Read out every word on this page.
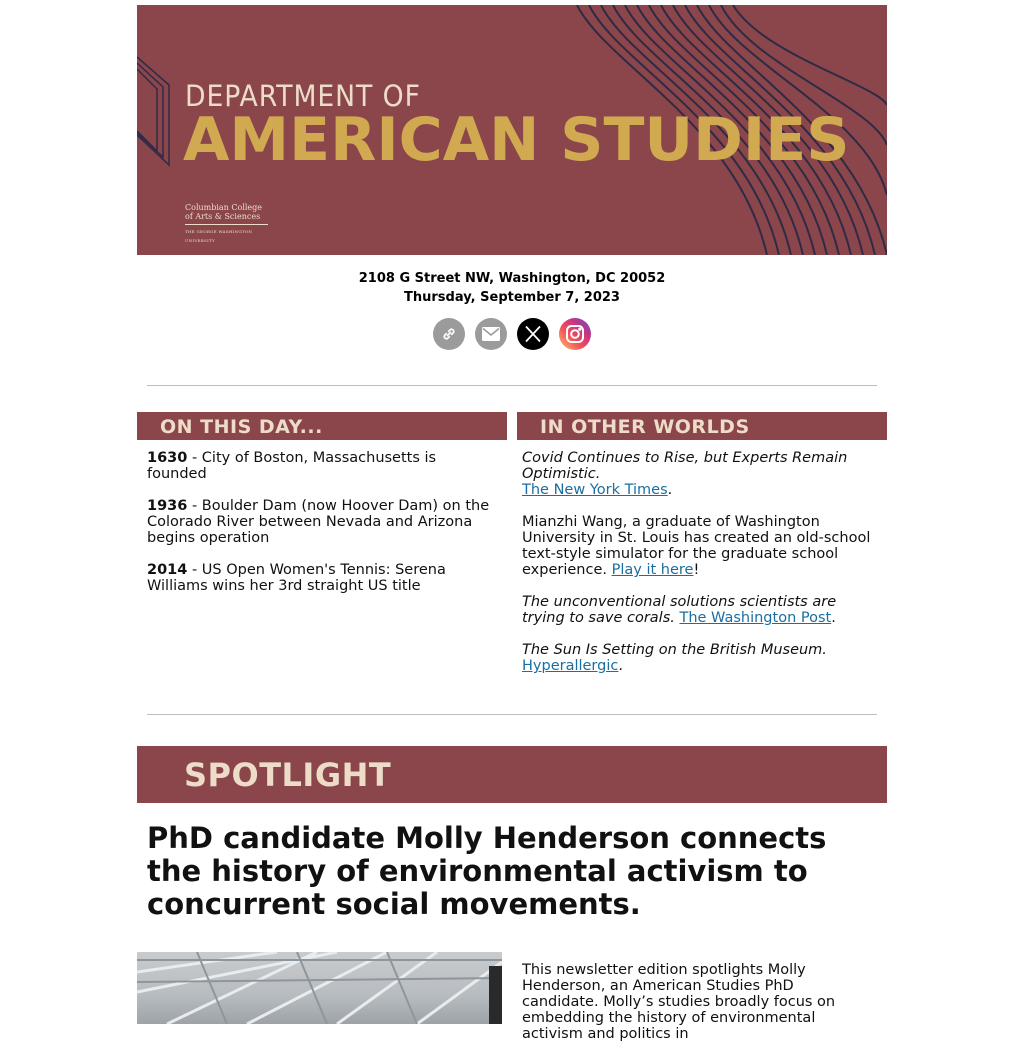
DEPARTMENT OF
AMERICAN STUDIES
Columbian College
of Arts & Sciences
THE GEORGE WASHINGTON UNIVERSITY
2108 G Street NW, Washington, DC 20052
Thursday, September 7, 2023
ON THIS DAY...

1630 - City of Boston, Massachusetts is founded

1936 - Boulder Dam (now Hoover Dam) on the Colorado River between Nevada and Arizona begins operation

2014 - US Open Women's Tennis: Serena Williams wins her 3rd straight US title

IN OTHER WORLDS

Covid Continues to Rise, but Experts Remain Optimistic.
The New York Times.

Mianzhi Wang, a graduate of Washington University in St. Louis has created an old-school text-style simulator for the graduate school experience. Play it here!

The unconventional solutions scientists are trying to save corals. The Washington Post.

The Sun Is Setting on the British Museum.
Hyperallergic.

SPOTLIGHT
PhD candidate Molly Henderson connects the history of environmental activism to concurrent social movements.
This newsletter edition spotlights Molly Henderson, an American Studies PhD candidate. Molly’s studies broadly focus on embedding the history of environmental activism and politics in
